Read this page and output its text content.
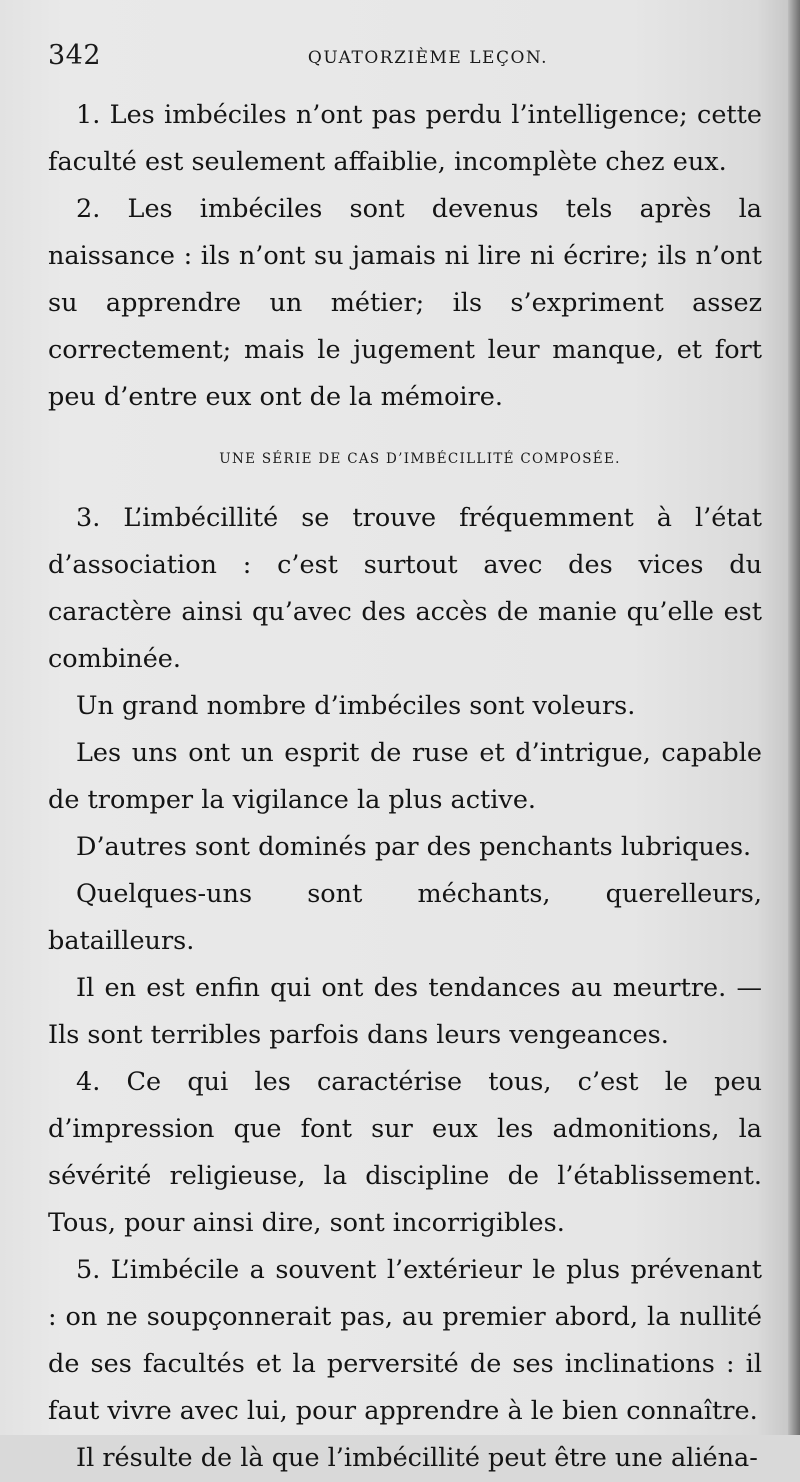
342	QUATORZIÈME LEÇON.

1. Les imbéciles n’ont pas perdu l’intelligence; cette faculté est seulement affaiblie, incomplète chez eux.

2. Les imbéciles sont devenus tels après la naissance : ils n’ont su jamais ni lire ni écrire; ils n’ont su apprendre un métier; ils s’expriment assez correctement; mais le jugement leur manque, et fort peu d’entre eux ont de la mémoire.

UNE SÉRIE DE CAS D’IMBÉCILLITÉ COMPOSÉE.

3. L’imbécillité se trouve fréquemment à l’état d’association : c’est surtout avec des vices du caractère ainsi qu’avec des accès de manie qu’elle est combinée.

Un grand nombre d’imbéciles sont voleurs.

Les uns ont un esprit de ruse et d’intrigue, capable de tromper la vigilance la plus active.

D’autres sont dominés par des penchants lubriques.

Quelques-uns sont méchants, querelleurs, batailleurs.

Il en est enfin qui ont des tendances au meurtre. — Ils sont terribles parfois dans leurs vengeances.

4. Ce qui les caractérise tous, c’est le peu d’impression que font sur eux les admonitions, la sévérité religieuse, la discipline de l’établissement. Tous, pour ainsi dire, sont incorrigibles.

5. L’imbécile a souvent l’extérieur le plus prévenant : on ne soupçonnerait pas, au premier abord, la nullité de ses facultés et la perversité de ses inclinations : il faut vivre avec lui, pour apprendre à le bien connaître.

Il résulte de là que l’imbécillité peut être une aliéna-
